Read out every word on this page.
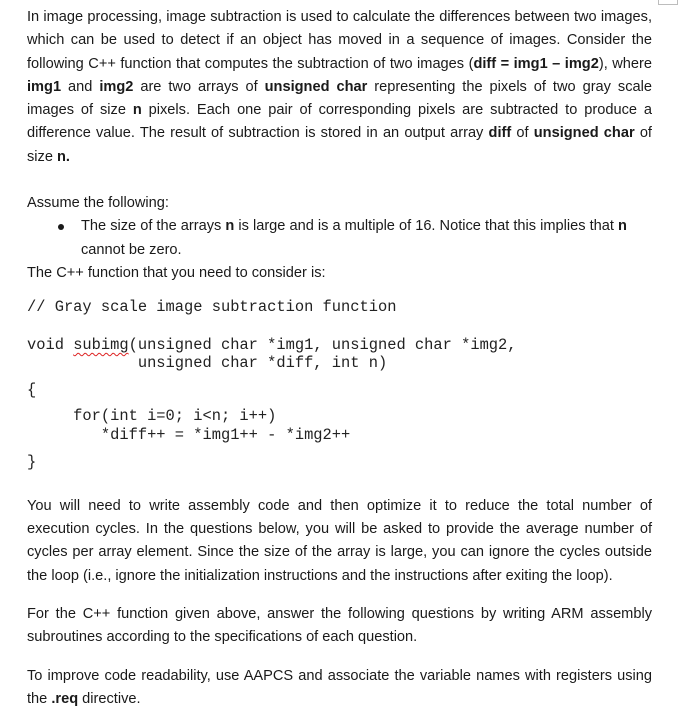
In image processing, image subtraction is used to calculate the differences between two images, which can be used to detect if an object has moved in a sequence of images. Consider the following C++ function that computes the subtraction of two images (diff = img1 – img2), where img1 and img2 are two arrays of unsigned char representing the pixels of two gray scale images of size n pixels. Each one pair of corresponding pixels are subtracted to produce a difference value. The result of subtraction is stored in an output array diff of unsigned char of size n.

Assume the following:

The size of the arrays n is large and is a multiple of 16. Notice that this implies that n cannot be zero.

The C++ function that you need to consider is:

// Gray scale image subtraction function
void subimg(unsigned char *img1, unsigned char *img2,
unsigned char *diff, int n)
{
for(int i=0; i<n; i++)
*diff++ = *img1++ - *img2++
}

You will need to write assembly code and then optimize it to reduce the total number of execution cycles. In the questions below, you will be asked to provide the average number of cycles per array element. Since the size of the array is large, you can ignore the cycles outside the loop (i.e., ignore the initialization instructions and the instructions after exiting the loop).

For the C++ function given above, answer the following questions by writing ARM assembly subroutines according to the specifications of each question.

To improve code readability, use AAPCS and associate the variable names with registers using the .req directive.
